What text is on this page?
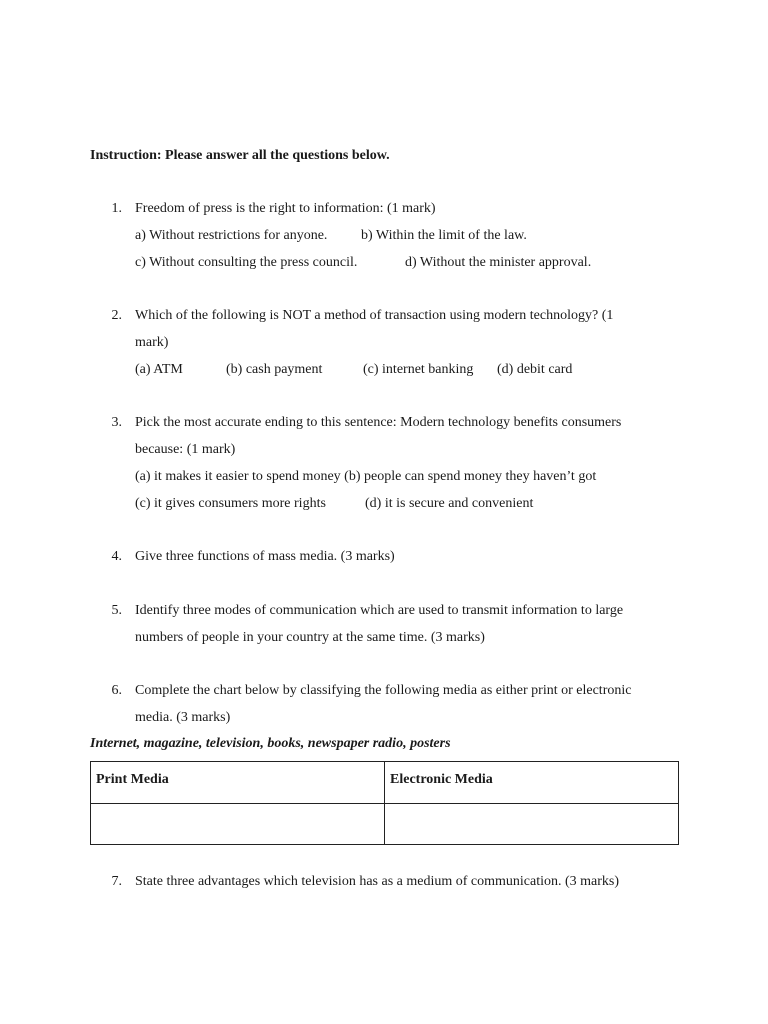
Instruction: Please answer all the questions below.
1. Freedom of press is the right to information: (1 mark)
a) Without restrictions for anyone. b) Within the limit of the law.
c) Without consulting the press council.	d) Without the minister approval.
2. Which of the following is NOT a method of transaction using modern technology? (1
mark)
(a) ATM	(b) cash payment	(c) internet banking (d) debit card
3. Pick the most accurate ending to this sentence: Modern technology benefits consumers
because: (1 mark)
(a) it makes it easier to spend money (b) people can spend money they haven’t got
(c) it gives consumers more rights	(d) it is secure and convenient
4. Give three functions of mass media. (3 marks)
5. Identify three modes of communication which are used to transmit information to large
numbers of people in your country at the same time. (3 marks)
6. Complete the chart below by classifying the following media as either print or electronic
media. (3 marks)
Internet, magazine, television, books, newspaper radio, posters
Print Media	Electronic Media
7. State three advantages which television has as a medium of communication. (3 marks)
